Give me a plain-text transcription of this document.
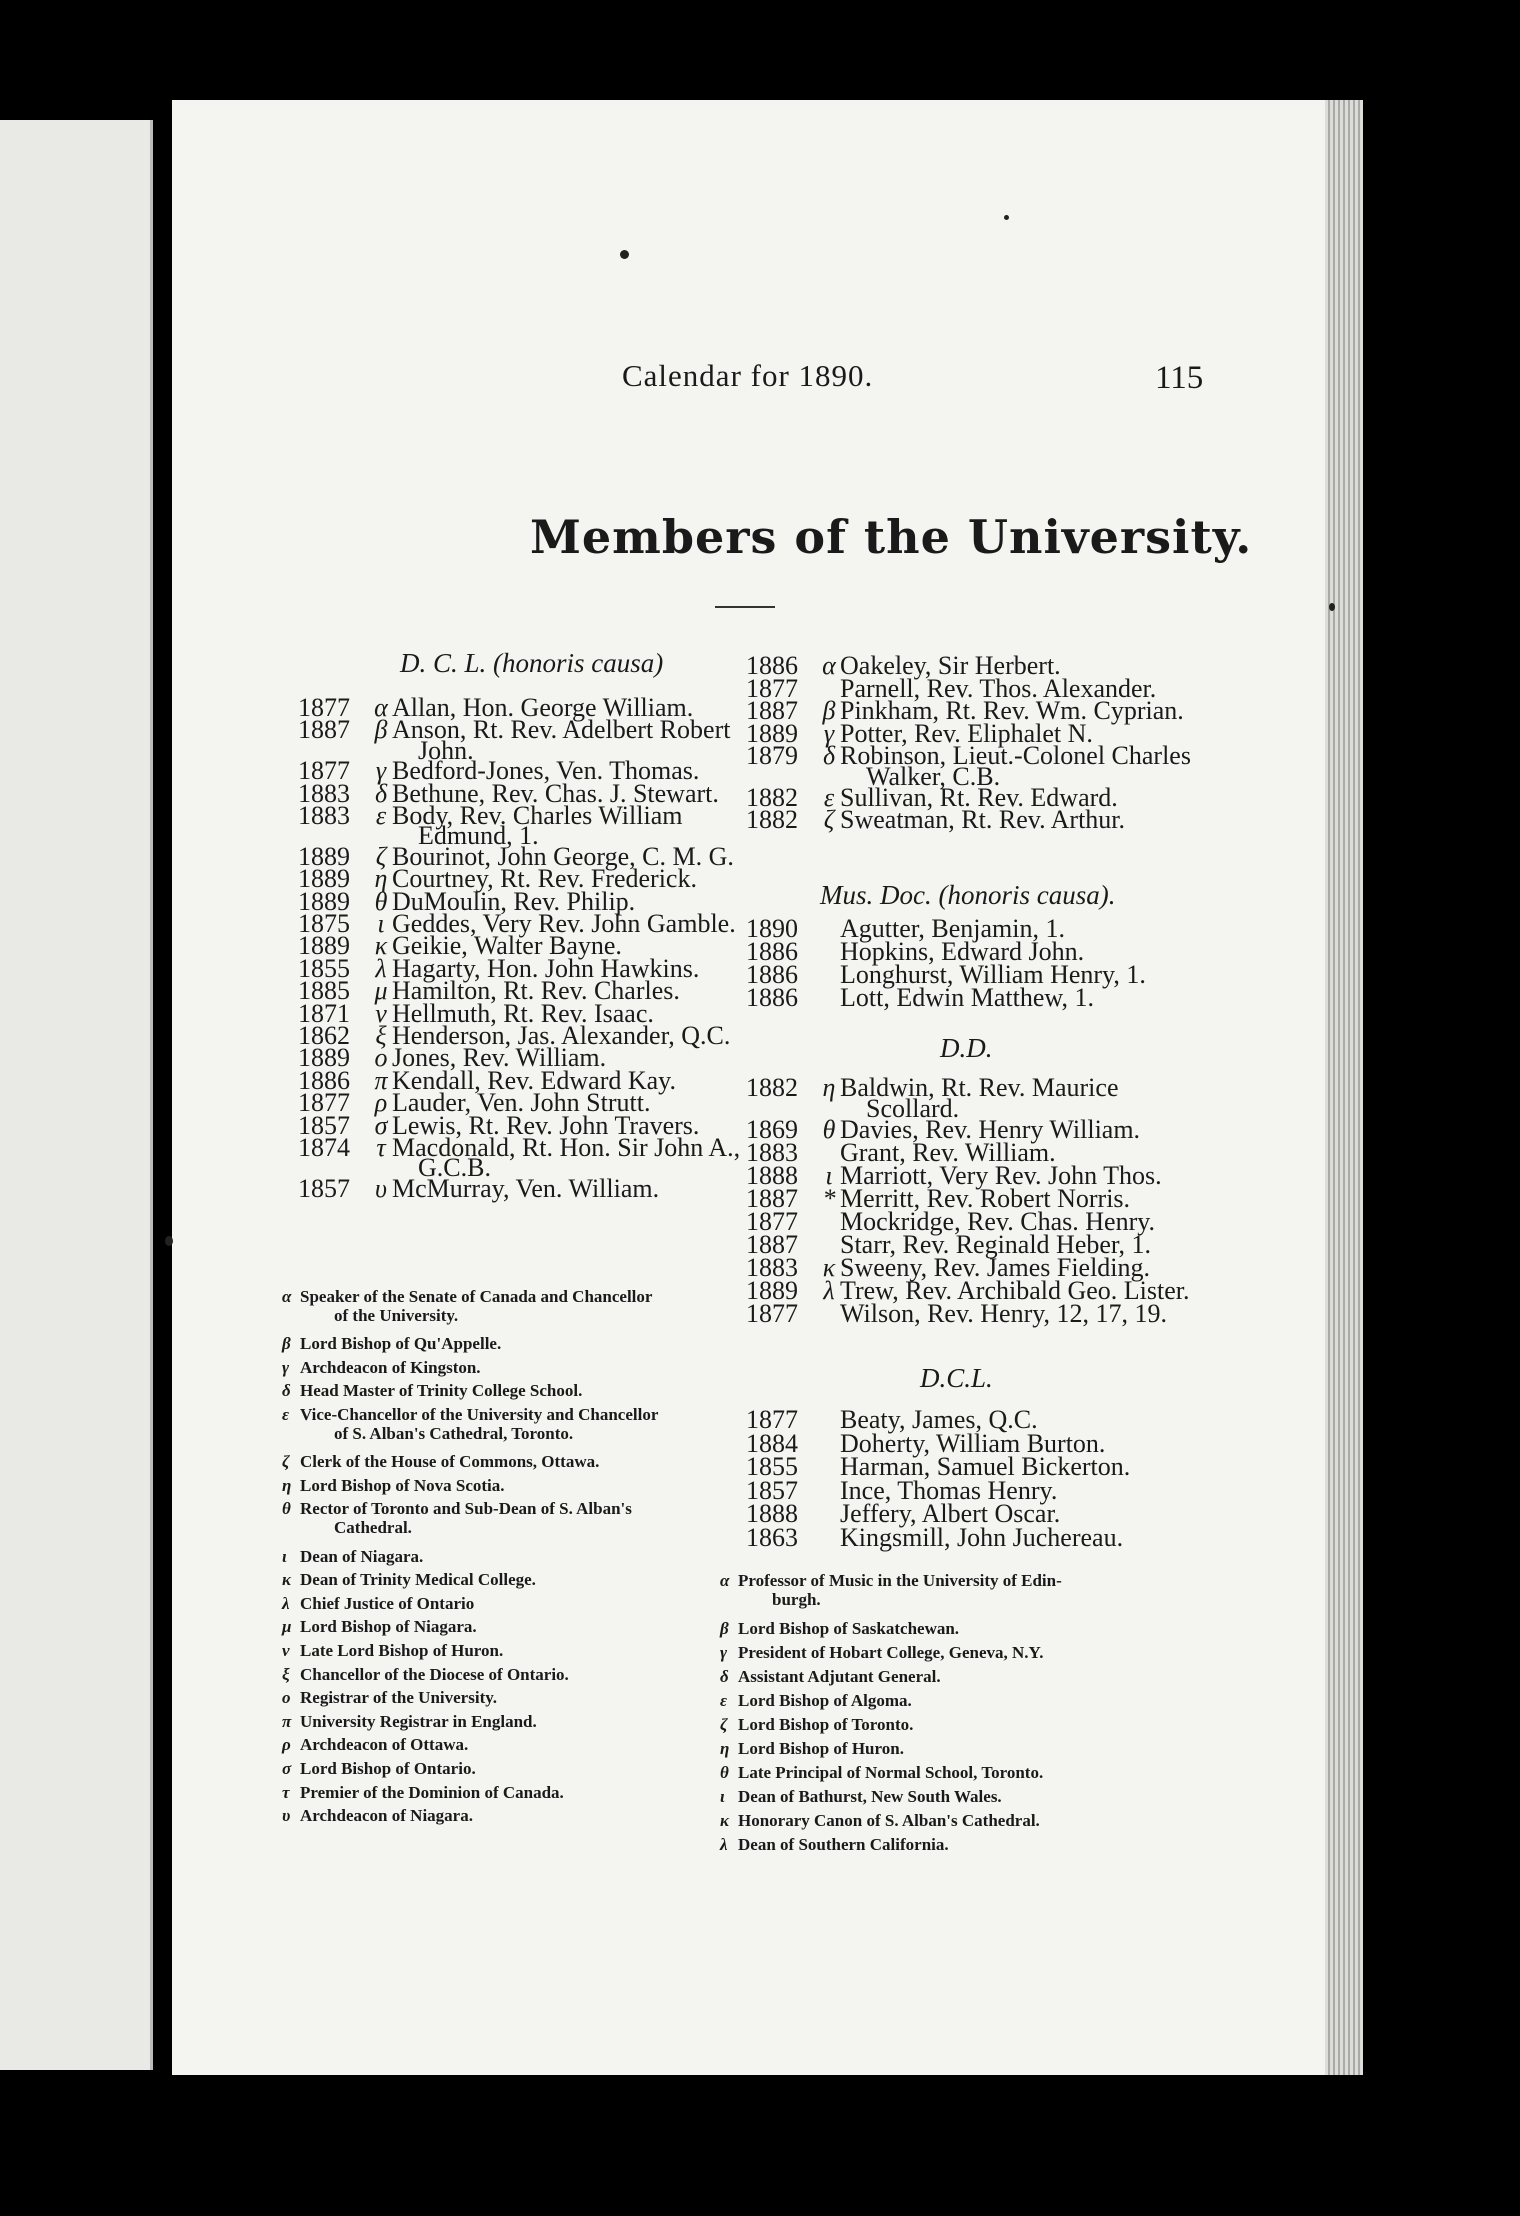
Calendar for 1890.	115
Members of the University.
D. C. L. (honoris causa)
Mus. Doc. (honoris causa).
D.D.
D.C.L.
1877 α Allan, Hon. George William.
1887 β Anson, Rt. Rev. Adelbert Robert
John.
1877 γ Bedford-Jones, Ven. Thomas.
1883 δ Bethune, Rev. Chas. J. Stewart.
1883 ε Body, Rev. Charles William
Edmund, 1.
1889 ζ Bourinot, John George, C. M. G.
1889 η Courtney, Rt. Rev. Frederick.
1889 θ DuMoulin, Rev. Philip.
1875 ι Geddes, Very Rev. John Gamble.
1889 κ Geikie, Walter Bayne.
1855 λ Hagarty, Hon. John Hawkins.
1885 μ Hamilton, Rt. Rev. Charles.
1871 ν Hellmuth, Rt. Rev. Isaac.
1862 ξ Henderson, Jas. Alexander, Q.C.
1889 ο Jones, Rev. William.
1886 π Kendall, Rev. Edward Kay.
1877 ρ Lauder, Ven. John Strutt.
1857 σ Lewis, Rt. Rev. John Travers.
1874 τ Macdonald, Rt. Hon. Sir John A.,
G.C.B.
1857 υ McMurray, Ven. William.
α Speaker of the Senate of Canada and Chancellor
of the University.
β Lord Bishop of Qu'Appelle.
γ Archdeacon of Kingston.
δ Head Master of Trinity College School.
ε Vice-Chancellor of the University and Chancellor
of S. Alban's Cathedral, Toronto.
ζ Clerk of the House of Commons, Ottawa.
η Lord Bishop of Nova Scotia.
θ Rector of Toronto and Sub-Dean of S. Alban's
Cathedral.
ι Dean of Niagara.
κ Dean of Trinity Medical College.
λ Chief Justice of Ontario
μ Lord Bishop of Niagara.
ν Late Lord Bishop of Huron.
ξ Chancellor of the Diocese of Ontario.
ο Registrar of the University.
π University Registrar in England.
ρ Archdeacon of Ottawa.
σ Lord Bishop of Ontario.
τ Premier of the Dominion of Canada.
υ Archdeacon of Niagara.
1886 α Oakeley, Sir Herbert.
1877 Parnell, Rev. Thos. Alexander.
1887 β Pinkham, Rt. Rev. Wm. Cyprian.
1889 γ Potter, Rev. Eliphalet N.
1879 δ Robinson, Lieut.-Colonel Charles
Walker, C.B.
1882 ε Sullivan, Rt. Rev. Edward.
1882 ζ Sweatman, Rt. Rev. Arthur.
1890 Agutter, Benjamin, 1.
1886 Hopkins, Edward John.
1886 Longhurst, William Henry, 1.
1886 Lott, Edwin Matthew, 1.
1882 η Baldwin, Rt. Rev. Maurice
Scollard.
1869 θ Davies, Rev. Henry William.
1883 Grant, Rev. William.
1888 ι Marriott, Very Rev. John Thos.
1887 * Merritt, Rev. Robert Norris.
1877 Mockridge, Rev. Chas. Henry.
1887 Starr, Rev. Reginald Heber, 1.
1883 κ Sweeny, Rev. James Fielding.
1889 λ Trew, Rev. Archibald Geo. Lister.
1877 Wilson, Rev. Henry, 12, 17, 19.
1877 Beaty, James, Q.C.
1884 Doherty, William Burton.
1855 Harman, Samuel Bickerton.
1857 Ince, Thomas Henry.
1888 Jeffery, Albert Oscar.
1863 Kingsmill, John Juchereau.
α Professor of Music in the University of Edin-
burgh.
β Lord Bishop of Saskatchewan.
γ President of Hobart College, Geneva, N.Y.
δ Assistant Adjutant General.
ε Lord Bishop of Algoma.
ζ Lord Bishop of Toronto.
η Lord Bishop of Huron.
θ Late Principal of Normal School, Toronto.
ι Dean of Bathurst, New South Wales.
κ Honorary Canon of S. Alban's Cathedral.
λ Dean of Southern California.
